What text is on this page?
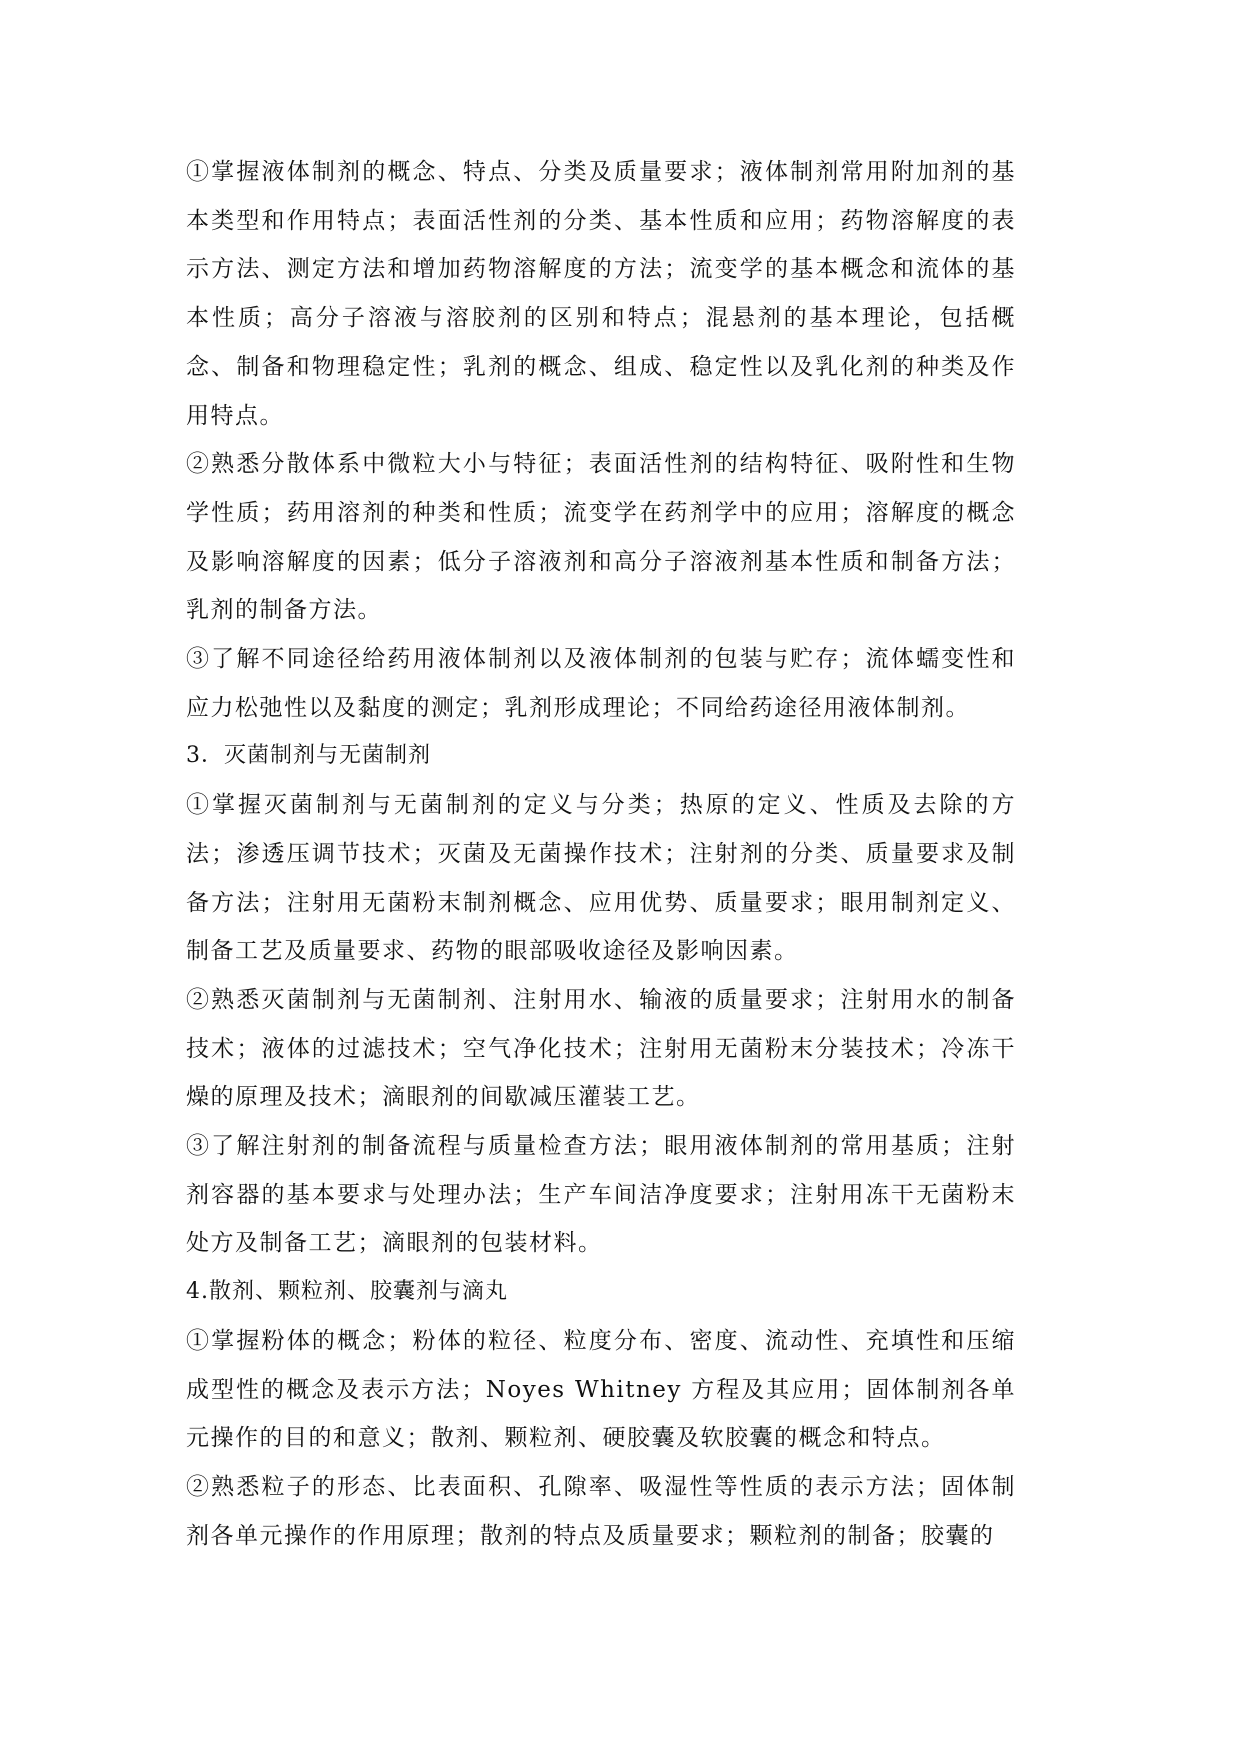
①掌握液体制剂的概念、特点、分类及质量要求；液体制剂常用附加剂的基本类型和作用特点；表面活性剂的分类、基本性质和应用；药物溶解度的表示方法、测定方法和增加药物溶解度的方法；流变学的基本概念和流体的基本性质；高分子溶液与溶胶剂的区别和特点；混悬剂的基本理论，包括概念、制备和物理稳定性；乳剂的概念、组成、稳定性以及乳化剂的种类及作用特点。

②熟悉分散体系中微粒大小与特征；表面活性剂的结构特征、吸附性和生物学性质；药用溶剂的种类和性质；流变学在药剂学中的应用；溶解度的概念及影响溶解度的因素；低分子溶液剂和高分子溶液剂基本性质和制备方法；乳剂的制备方法。

③了解不同途径给药用液体制剂以及液体制剂的包装与贮存；流体蠕变性和应力松弛性以及黏度的测定；乳剂形成理论；不同给药途径用液体制剂。

3．灭菌制剂与无菌制剂

①掌握灭菌制剂与无菌制剂的定义与分类；热原的定义、性质及去除的方法；渗透压调节技术；灭菌及无菌操作技术；注射剂的分类、质量要求及制备方法；注射用无菌粉末制剂概念、应用优势、质量要求；眼用制剂定义、制备工艺及质量要求、药物的眼部吸收途径及影响因素。

②熟悉灭菌制剂与无菌制剂、注射用水、输液的质量要求；注射用水的制备技术；液体的过滤技术；空气净化技术；注射用无菌粉末分装技术；冷冻干燥的原理及技术；滴眼剂的间歇减压灌装工艺。

③了解注射剂的制备流程与质量检查方法；眼用液体制剂的常用基质；注射剂容器的基本要求与处理办法；生产车间洁净度要求；注射用冻干无菌粉末处方及制备工艺；滴眼剂的包装材料。

4.散剂、颗粒剂、胶囊剂与滴丸

①掌握粉体的概念；粉体的粒径、粒度分布、密度、流动性、充填性和压缩成型性的概念及表示方法；Noyes Whitney 方程及其应用；固体制剂各单元操作的目的和意义；散剂、颗粒剂、硬胶囊及软胶囊的概念和特点。

②熟悉粒子的形态、比表面积、孔隙率、吸湿性等性质的表示方法；固体制剂各单元操作的作用原理；散剂的特点及质量要求；颗粒剂的制备；胶囊的
